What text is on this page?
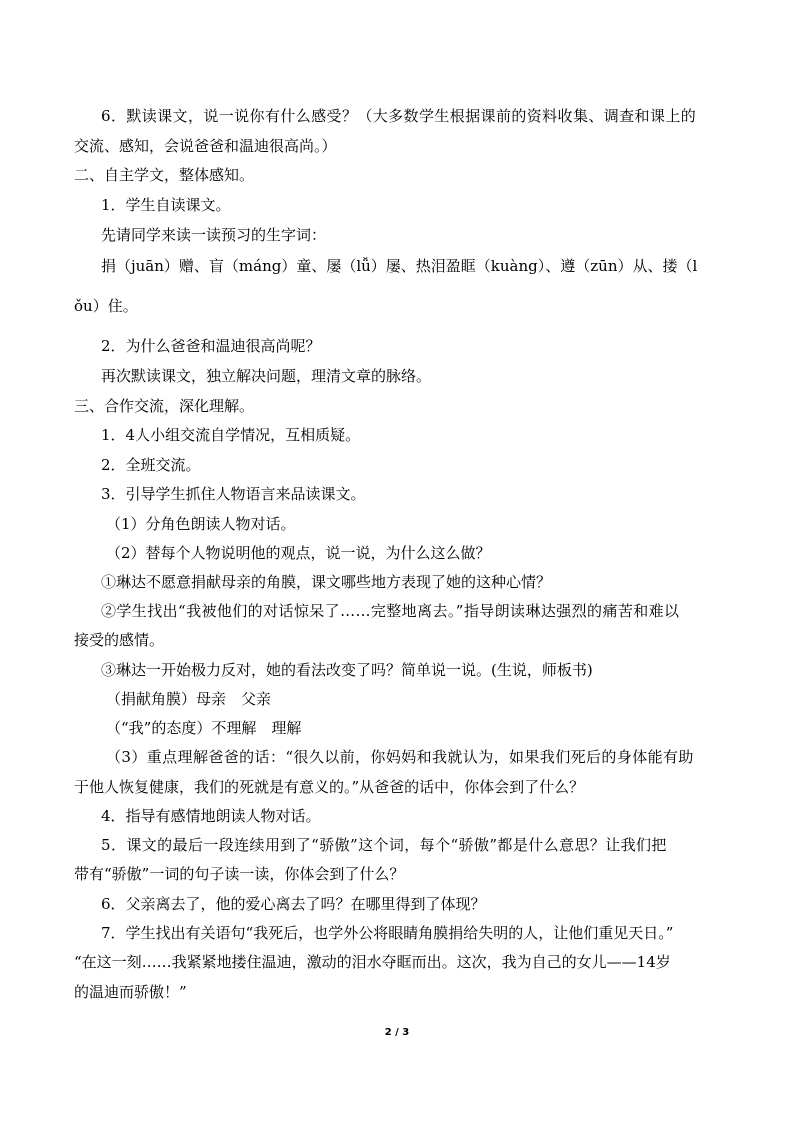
6．默读课文，说一说你有什么感受？（大多数学生根据课前的资料收集、调查和课上的
交流、感知，会说爸爸和温迪很高尚。）
二、自主学文，整体感知。
1．学生自读课文。
先请同学来读一读预习的生字词：
捐（juān）赠、盲（máng）童、屡（lǚ）屡、热泪盈眶（kuàng）、遵（zūn）从、搂（l
ǒu）住。
2．为什么爸爸和温迪很高尚呢？
再次默读课文，独立解决问题，理清文章的脉络。
三、合作交流，深化理解。
1．4人小组交流自学情况，互相质疑。
2．全班交流。
3．引导学生抓住人物语言来品读课文。
（1）分角色朗读人物对话。
（2）替每个人物说明他的观点，说一说，为什么这么做？
①琳达不愿意捐献母亲的角膜，课文哪些地方表现了她的这种心情？
②学生找出“我被他们的对话惊呆了……完整地离去。”指导朗读琳达强烈的痛苦和难以
接受的感情。
③琳达一开始极力反对，她的看法改变了吗？简单说一说。(生说，师板书)
（捐献角膜）母亲　父亲
（“我”的态度）不理解　理解
（3）重点理解爸爸的话：“很久以前，你妈妈和我就认为，如果我们死后的身体能有助
于他人恢复健康，我们的死就是有意义的。”从爸爸的话中，你体会到了什么？
4．指导有感情地朗读人物对话。
5．课文的最后一段连续用到了“骄傲”这个词，每个“骄傲”都是什么意思？让我们把
带有“骄傲”一词的句子读一读，你体会到了什么？
6．父亲离去了，他的爱心离去了吗？在哪里得到了体现？
7．学生找出有关语句“我死后，也学外公将眼睛角膜捐给失明的人，让他们重见天日。”
“在这一刻……我紧紧地搂住温迪，激动的泪水夺眶而出。这次，我为自己的女儿——14岁
的温迪而骄傲！”
2 / 3
